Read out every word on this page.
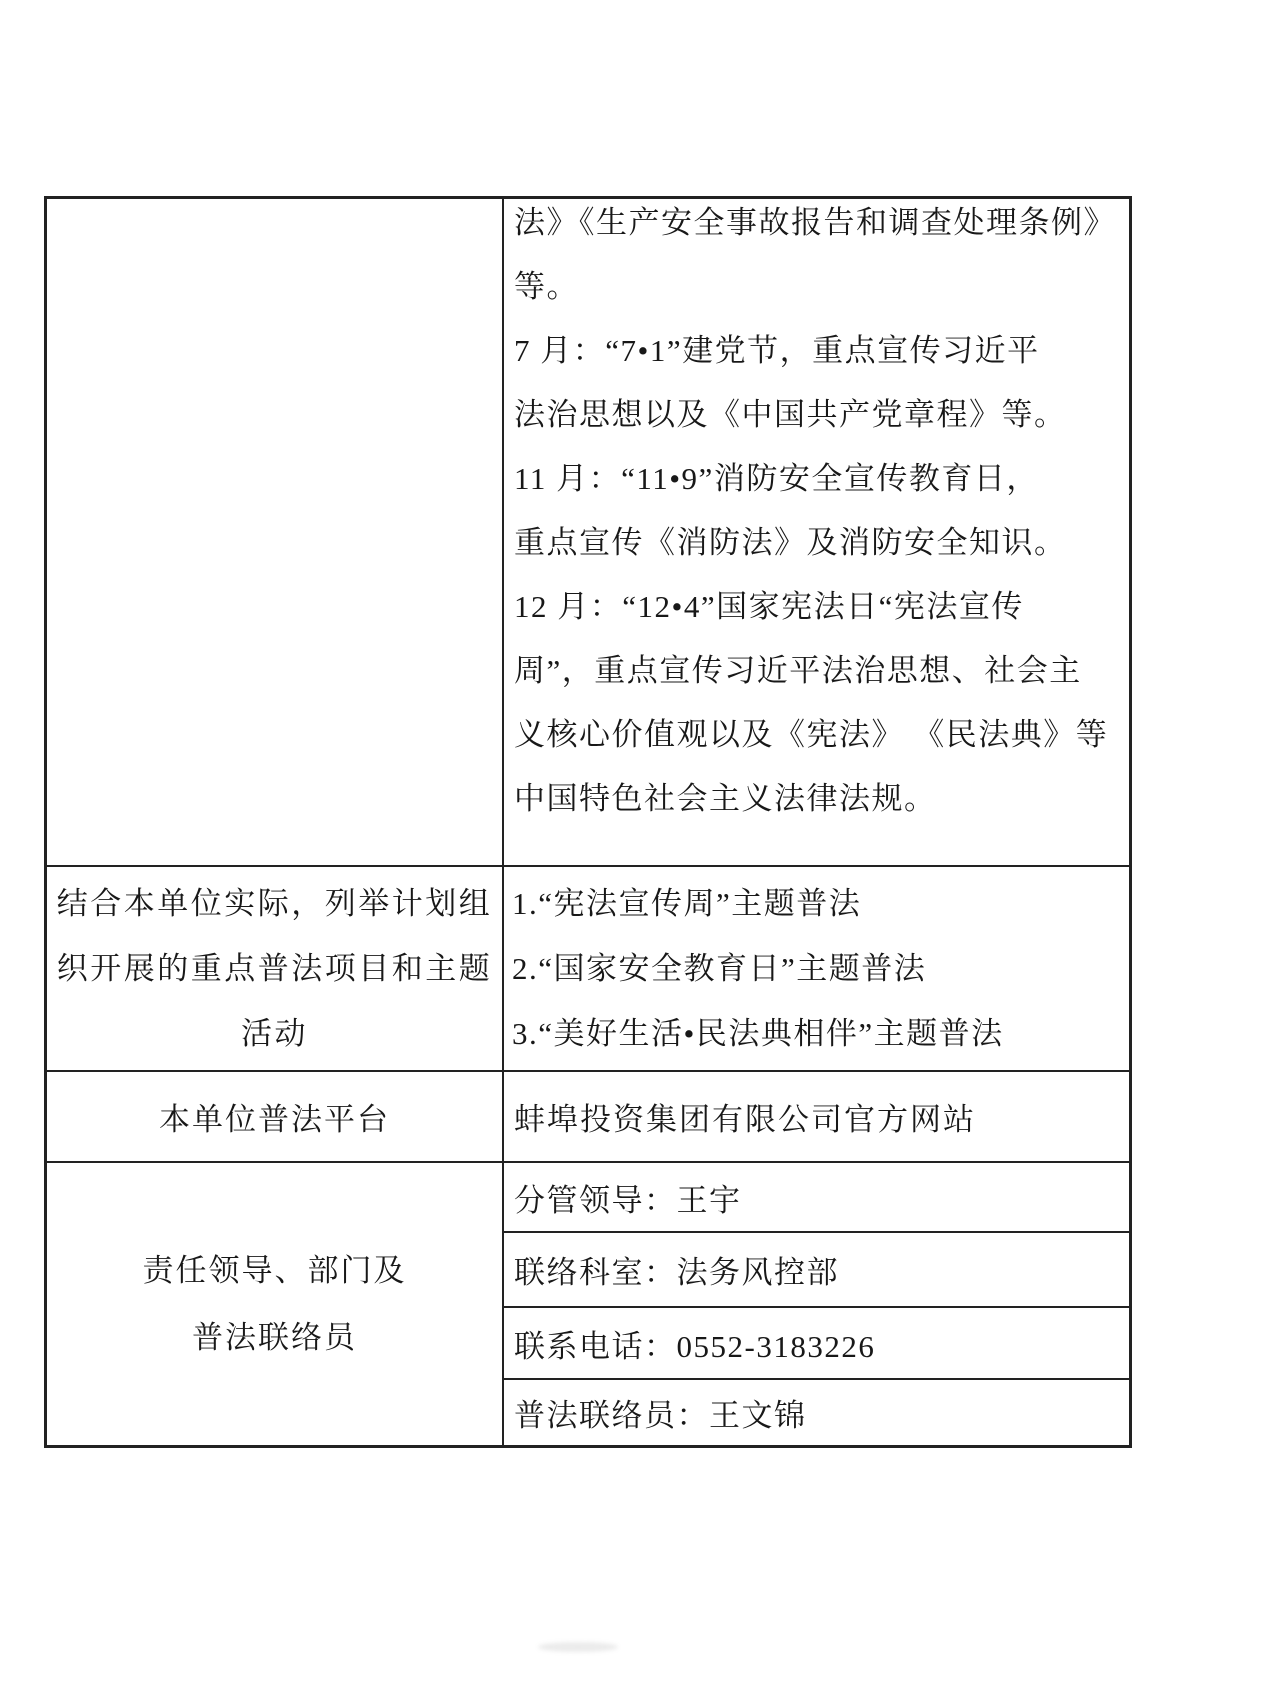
法》《生产安全事故报告和调查处理条例》
等。
7 月：“7•1”建党节，重点宣传习近平
法治思想以及《中国共产党章程》等。
11 月：“11•9”消防安全宣传教育日，
重点宣传《消防法》及消防安全知识。
12 月：“12•4”国家宪法日“宪法宣传
周”，重点宣传习近平法治思想、社会主
义核心价值观以及《宪法》 《民法典》等
中国特色社会主义法律法规。
结合本单位实际，列举计划组
织开展的重点普法项目和主题
活动
1.“宪法宣传周”主题普法
2.“国家安全教育日”主题普法
3.“美好生活•民法典相伴”主题普法
本单位普法平台	蚌埠投资集团有限公司官方网站
责任领导、部门及
普法联络员
分管领导：王宇
联络科室：法务风控部
联系电话：0552-3183226
普法联络员：王文锦
